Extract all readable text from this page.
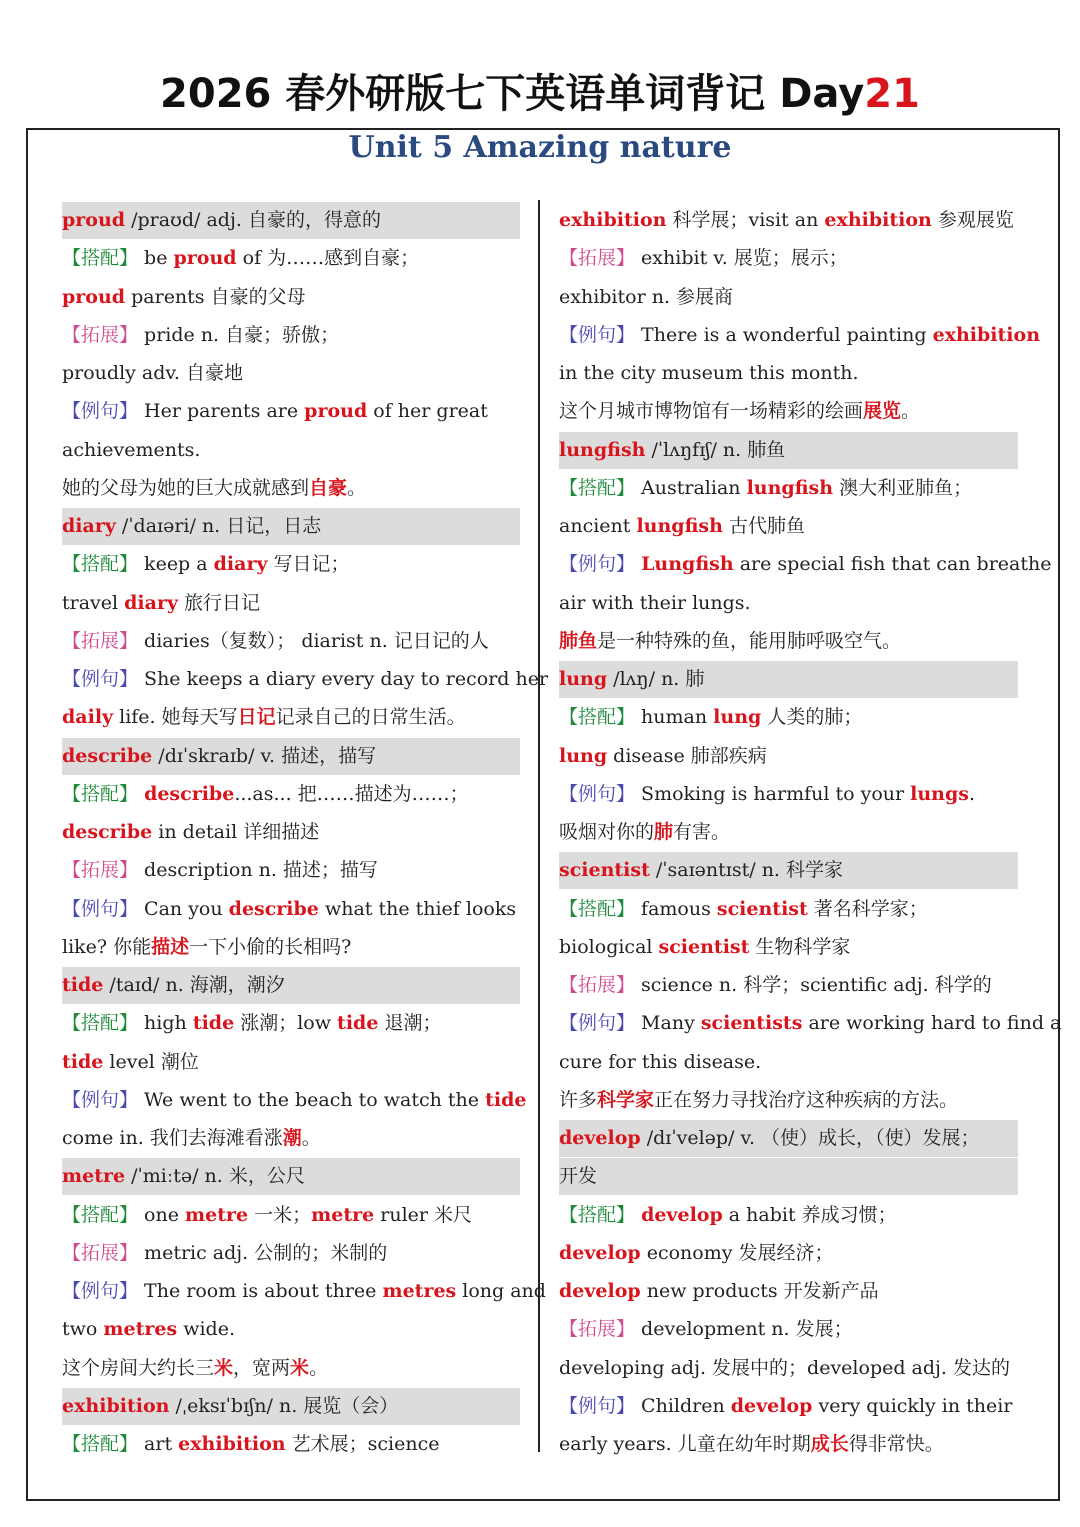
2026 春外研版七下英语单词背记 Day21
Unit 5 Amazing nature
proud /praʊd/ adj. 自豪的，得意的
【搭配】 be proud of 为……感到自豪；
proud parents 自豪的父母
【拓展】 pride n. 自豪；骄傲；
proudly adv. 自豪地
【例句】 Her parents are proud of her great
achievements.
她的父母为她的巨大成就感到自豪。
diary /ˈdaɪəri/ n. 日记，日志
【搭配】 keep a diary 写日记；
travel diary 旅行日记
【拓展】 diaries（复数）； diarist n. 记日记的人
【例句】 She keeps a diary every day to record her
daily life. 她每天写日记记录自己的日常生活。
describe /dɪˈskraɪb/ v. 描述，描写
【搭配】 describe...as... 把……描述为……；
describe in detail 详细描述
【拓展】 description n. 描述；描写
【例句】 Can you describe what the thief looks
like? 你能描述一下小偷的长相吗?
tide /taɪd/ n. 海潮，潮汐
【搭配】 high tide 涨潮；low tide 退潮；
tide level 潮位
【例句】 We went to the beach to watch the tide
come in. 我们去海滩看涨潮。
metre /ˈmiːtə/ n. 米，公尺
【搭配】 one metre 一米；metre ruler 米尺
【拓展】 metric adj. 公制的；米制的
【例句】 The room is about three metres long and
two metres wide.
这个房间大约长三米，宽两米。
exhibition /ˌeksɪˈbɪʃn/ n. 展览（会）
【搭配】 art exhibition 艺术展；science
exhibition 科学展；visit an exhibition 参观展览
【拓展】 exhibit v. 展览；展示；
exhibitor n. 参展商
【例句】 There is a wonderful painting exhibition
in the city museum this month.
这个月城市博物馆有一场精彩的绘画展览。
lungfish /ˈlʌŋfɪʃ/ n. 肺鱼
【搭配】 Australian lungfish 澳大利亚肺鱼；
ancient lungfish 古代肺鱼
【例句】 Lungfish are special fish that can breathe
air with their lungs.
肺鱼是一种特殊的鱼，能用肺呼吸空气。
lung /lʌŋ/ n. 肺
【搭配】 human lung 人类的肺；
lung disease 肺部疾病
【例句】 Smoking is harmful to your lungs.
吸烟对你的肺有害。
scientist /ˈsaɪəntɪst/ n. 科学家
【搭配】 famous scientist 著名科学家；
biological scientist 生物科学家
【拓展】 science n. 科学；scientific adj. 科学的
【例句】 Many scientists are working hard to find a
cure for this disease.
许多科学家正在努力寻找治疗这种疾病的方法。
develop /dɪˈveləp/ v. （使）成长，（使）发展；
开发
【搭配】 develop a habit 养成习惯；
develop economy 发展经济；
develop new products 开发新产品
【拓展】 development n. 发展；
developing adj. 发展中的；developed adj. 发达的
【例句】 Children develop very quickly in their
early years. 儿童在幼年时期成长得非常快。
